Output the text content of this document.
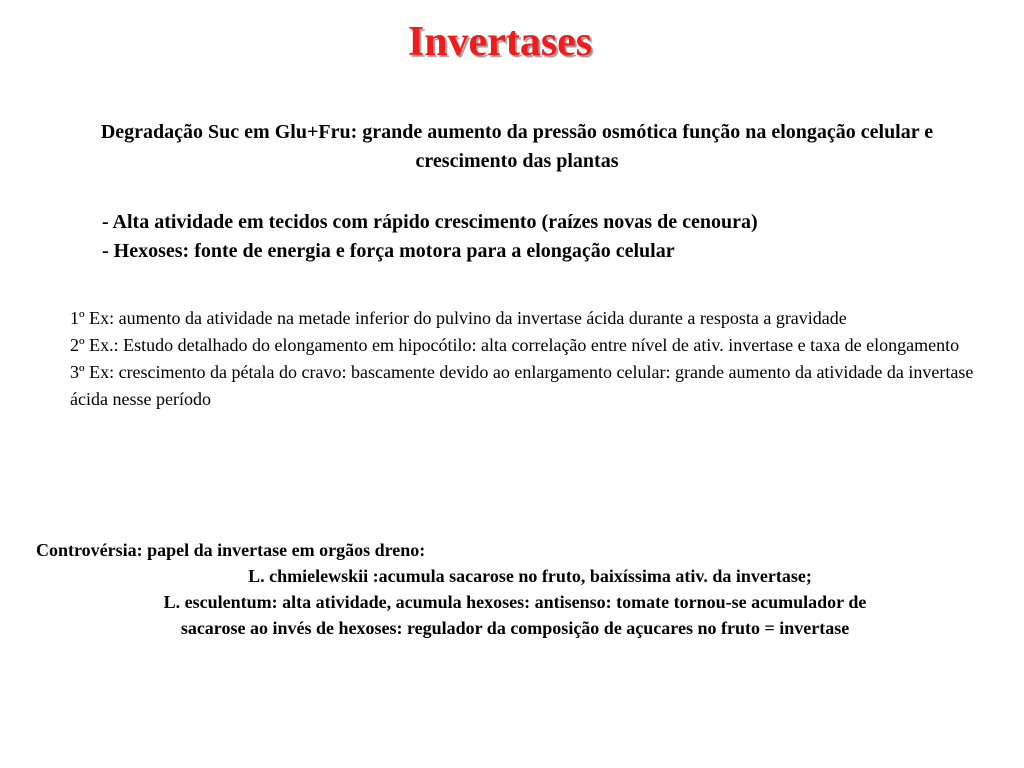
Invertases

Degradação Suc em Glu+Fru: grande aumento da pressão osmótica função na elongação celular e crescimento das plantas

- Alta atividade em tecidos com rápido crescimento (raízes novas de cenoura)
- Hexoses: fonte de energia e força motora para a elongação celular
1º Ex: aumento da atividade na metade inferior do pulvino da invertase ácida durante a resposta a gravidade
2º Ex.: Estudo detalhado do elongamento em hipocótilo: alta correlação entre nível de ativ. invertase e taxa de elongamento
3º Ex: crescimento da pétala do cravo: bascamente devido ao enlargamento celular: grande aumento da atividade da invertase ácida nesse período

Controvérsia: papel da invertase em orgãos dreno:

L. chmielewskii :acumula sacarose no fruto, baixíssima ativ. da invertase;
L. esculentum: alta atividade, acumula hexoses: antisenso: tomate tornou-se acumulador de
sacarose ao invés de hexoses: regulador da composição de açucares no fruto = invertase
